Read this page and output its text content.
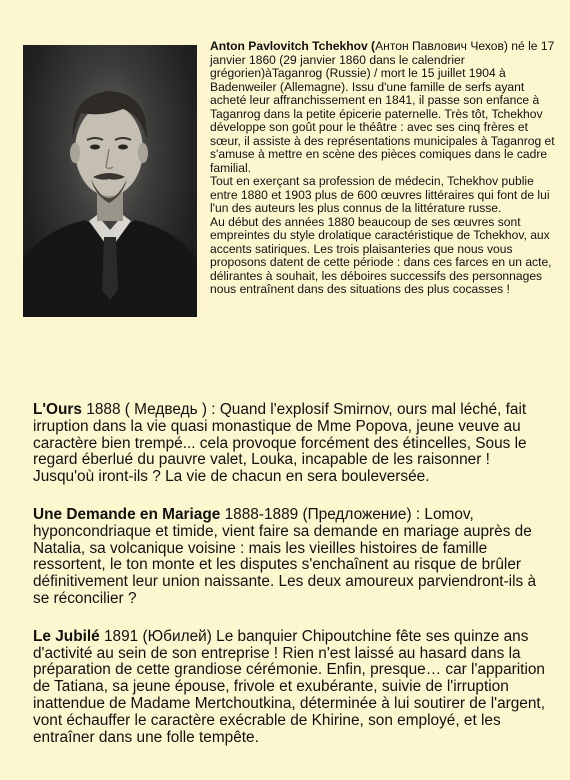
Anton Pavlovitch Tchekhov (Антон Павлович Чехов) né le 17 janvier 1860 (29 janvier 1860 dans le calendrier grégorien)àTaganrog (Russie) / mort le 15 juillet 1904 à Badenweiler (Allemagne). Issu d'une famille de serfs ayant acheté leur affranchissement en 1841, il passe son enfance à Taganrog dans la petite épicerie paternelle. Très tôt, Tchekhov développe son goût pour le théâtre : avec ses cinq frères et sœur, il assiste à des représentations municipales à Taganrog et s'amuse à mettre en scène des pièces comiques dans le cadre familial.

Tout en exerçant sa profession de médecin, Tchekhov publie entre 1880 et 1903 plus de 600 œuvres littéraires qui font de lui l'un des auteurs les plus connus de la littérature russe.

Au début des années 1880 beaucoup de ses œuvres sont empreintes du style drolatique caractéristique de Tchekhov, aux accents satiriques. Les trois plaisanteries que nous vous proposons datent de cette période : dans ces farces en un acte, délirantes à souhait, les déboires successifs des personnages nous entraînent dans des situations des plus cocasses !

L'Ours 1888 ( Медведь ) : Quand l'explosif Smirnov, ours mal léché, fait irruption dans la vie quasi monastique de Mme Popova, jeune veuve au caractère bien trempé... cela provoque forcément des étincelles, Sous le regard éberlué du pauvre valet, Louka, incapable de les raisonner ! Jusqu'où iront-ils ? La vie de chacun en sera bouleversée.

Une Demande en Mariage 1888-1889 (Предложение) : Lomov, hyponcondriaque et timide, vient faire sa demande en mariage auprès de Natalia, sa volcanique voisine : mais les vieilles histoires de famille ressortent, le ton monte et les disputes s'enchaînent au risque de brûler définitivement leur union naissante. Les deux amoureux parviendront-ils à se réconcilier ?

Le Jubilé 1891 (Юбилей) Le banquier Chipoutchine fête ses quinze ans d'activité au sein de son entreprise ! Rien n'est laissé au hasard dans la préparation de cette grandiose cérémonie. Enfin, presque… car l'apparition de Tatiana, sa jeune épouse, frivole et exubérante, suivie de l'irruption inattendue de Madame Mertchoutkina, déterminée à lui soutirer de l'argent, vont échauffer le caractère exécrable de Khirine, son employé, et les entraîner dans une folle tempête.
